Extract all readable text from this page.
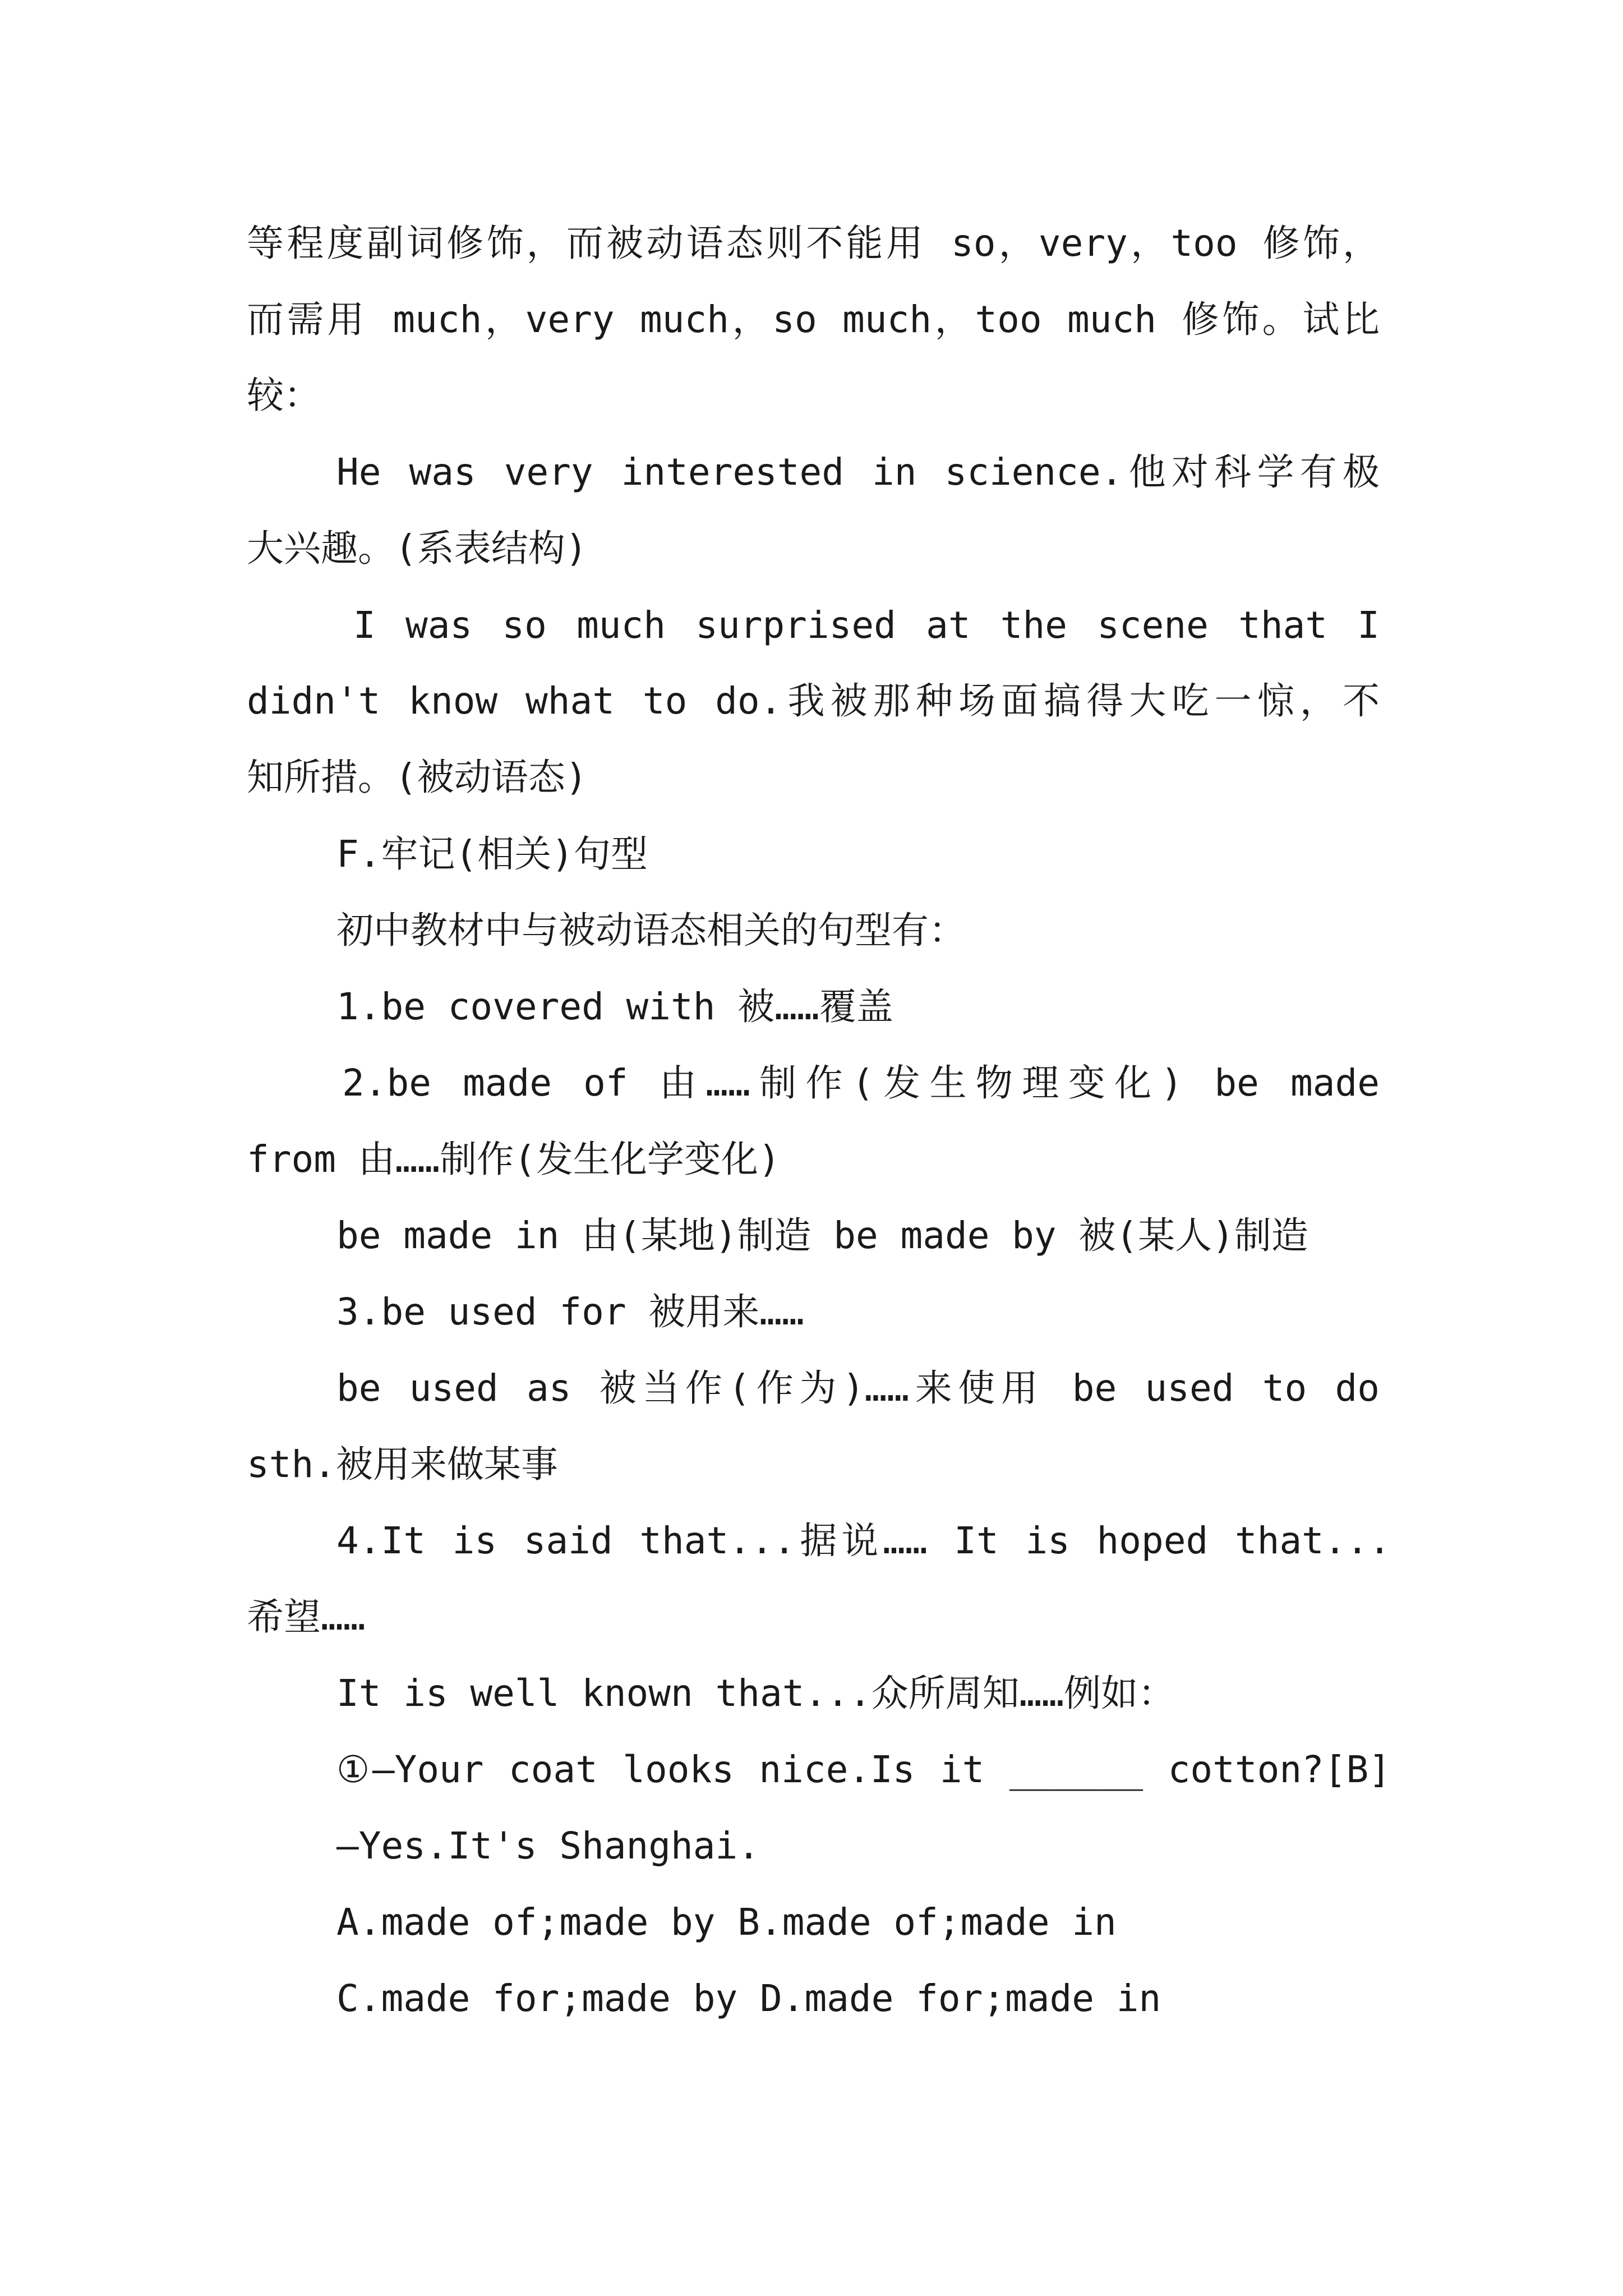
等程度副词修饰，而被动语态则不能用 so，very，too 修饰，
而需用 much，very much，so much，too much 修饰。试比
较：
He was very interested in science.他对科学有极
大兴趣。(系表结构)
I was so much surprised at the scene that I
didn't know what to do.我被那种场面搞得大吃一惊，不
知所措。(被动语态)
F.牢记(相关)句型
初中教材中与被动语态相关的句型有：
1.be covered with 被……覆盖
2.be made of 由……制作(发生物理变化) be made
from 由……制作(发生化学变化)
be made in 由(某地)制造 be made by 被(某人)制造
3.be used for 被用来……
be used as 被当作(作为)……来使用 be used to do
sth.被用来做某事
4.It is said that...据说…… It is hoped that...
希望……
It is well known that...众所周知……例如：
①—Your coat looks nice.Is it ______ cotton?[B]
—Yes.It's Shanghai.
A.made of;made by B.made of;made in
C.made for;made by D.made for;made in
